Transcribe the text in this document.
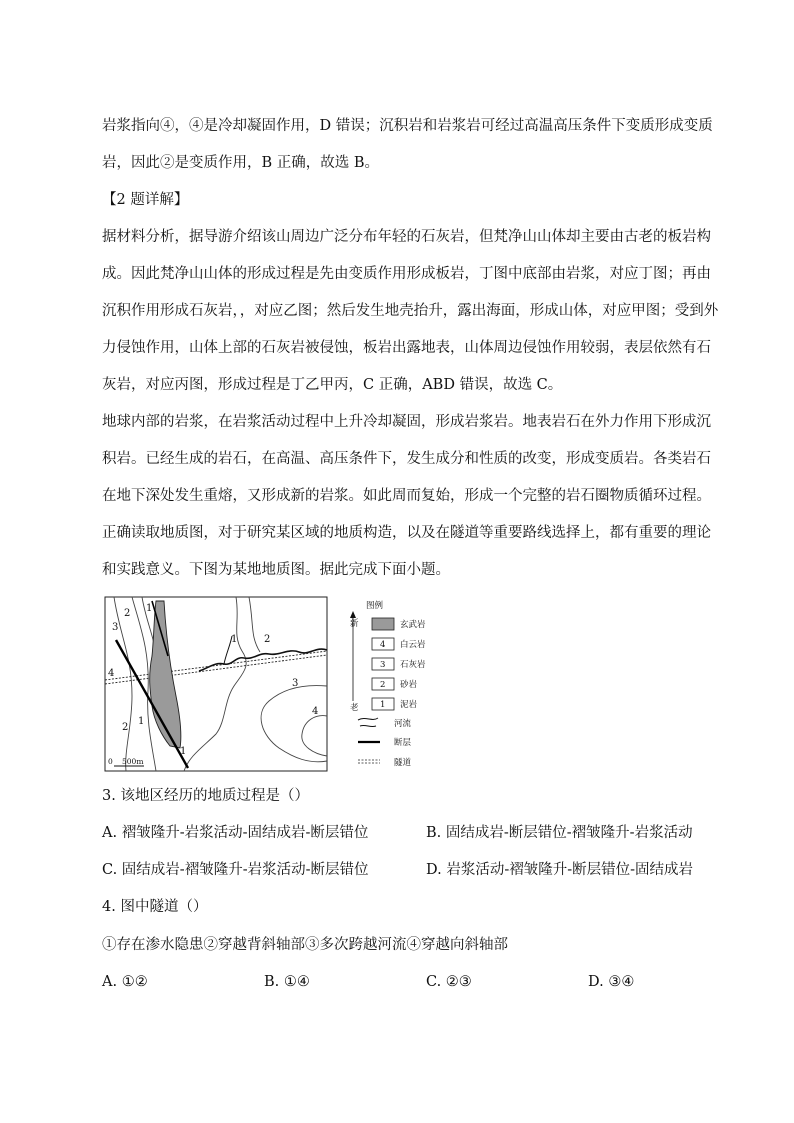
岩浆指向④，④是冷却凝固作用，D 错误；沉积岩和岩浆岩可经过高温高压条件下变质形成变质
岩，因此②是变质作用，B 正确，故选 B。
【2 题详解】
据材料分析，据导游介绍该山周边广泛分布年轻的石灰岩，但梵净山山体却主要由古老的板岩构
成。因此梵净山山体的形成过程是先由变质作用形成板岩，丁图中底部由岩浆，对应丁图；再由
沉积作用形成石灰岩，，对应乙图；然后发生地壳抬升，露出海面，形成山体，对应甲图；受到外
力侵蚀作用，山体上部的石灰岩被侵蚀，板岩出露地表，山体周边侵蚀作用较弱，表层依然有石
灰岩，对应丙图，形成过程是丁乙甲丙，C 正确，ABD 错误，故选 C。
地球内部的岩浆，在岩浆活动过程中上升冷却凝固，形成岩浆岩。地表岩石在外力作用下形成沉
积岩。已经生成的岩石，在高温、高压条件下，发生成分和性质的改变，形成变质岩。各类岩石
在地下深处发生重熔，又形成新的岩浆。如此周而复始，形成一个完整的岩石圈物质循环过程。
正确读取地质图，对于研究某区域的地质构造，以及在隧道等重要路线选择上，都有重要的理论
和实践意义。下图为某地地质图。据此完成下面小题。
2 1
3
1	2
4
3
4
2
1
1
0 500m
图例
新
老
玄武岩
4 白云岩
3 石灰岩
2 砂岩
1 泥岩
河流
断层
隧道
3. 该地区经历的地质过程是（）
A. 褶皱隆升-岩浆活动-固结成岩-断层错位	B. 固结成岩-断层错位-褶皱隆升-岩浆活动
C. 固结成岩-褶皱隆升-岩浆活动-断层错位	D. 岩浆活动-褶皱隆升-断层错位-固结成岩
4. 图中隧道（）
①存在渗水隐患②穿越背斜轴部③多次跨越河流④穿越向斜轴部
A. ①②	B. ①④	C. ②③	D. ③④
